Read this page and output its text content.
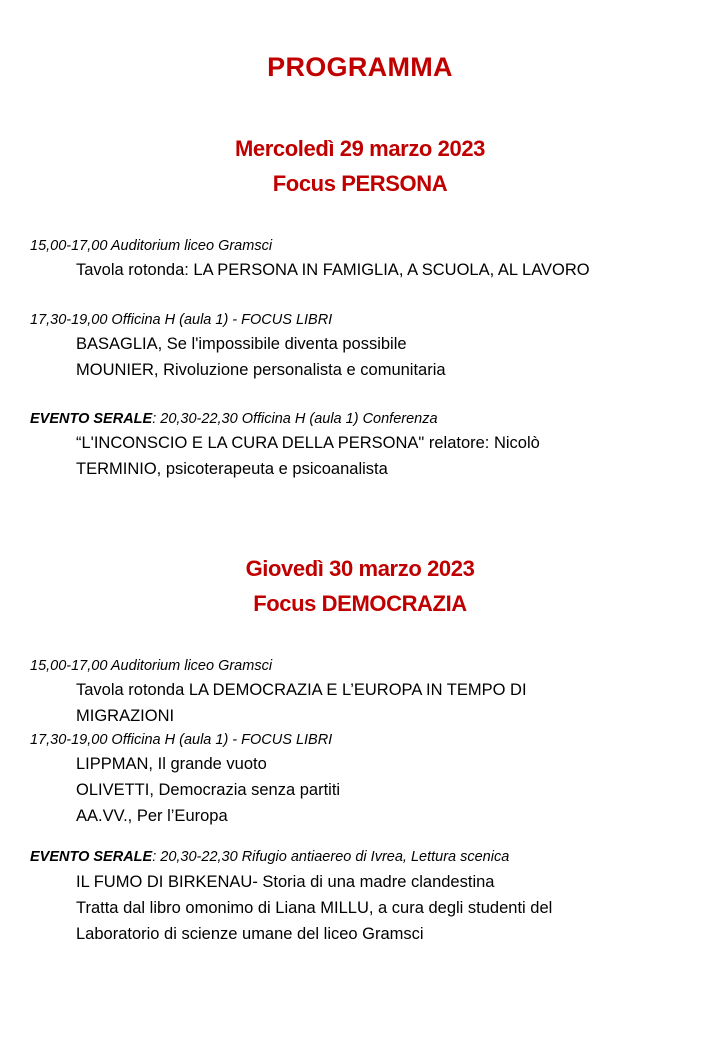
PROGRAMMA
Mercoledì 29 marzo 2023
Focus PERSONA
15,00-17,00 Auditorium liceo Gramsci
Tavola rotonda: LA PERSONA IN FAMIGLIA, A SCUOLA, AL LAVORO
17,30-19,00 Officina H (aula 1) - FOCUS LIBRI
BASAGLIA, Se l'impossibile diventa possibile
MOUNIER, Rivoluzione personalista e comunitaria
EVENTO SERALE: 20,30-22,30 Officina H (aula 1) Conferenza
“L'INCONSCIO E LA CURA DELLA PERSONA" relatore: Nicolò
TERMINIO, psicoterapeuta e psicoanalista
Giovedì 30 marzo 2023
Focus DEMOCRAZIA
15,00-17,00 Auditorium liceo Gramsci
Tavola rotonda LA DEMOCRAZIA E L’EUROPA IN TEMPO DI
MIGRAZIONI
17,30-19,00 Officina H (aula 1) - FOCUS LIBRI
LIPPMAN, Il grande vuoto
OLIVETTI, Democrazia senza partiti
AA.VV., Per l’Europa
EVENTO SERALE: 20,30-22,30 Rifugio antiaereo di Ivrea, Lettura scenica
IL FUMO DI BIRKENAU- Storia di una madre clandestina
Tratta dal libro omonimo di Liana MILLU, a cura degli studenti del
Laboratorio di scienze umane del liceo Gramsci
